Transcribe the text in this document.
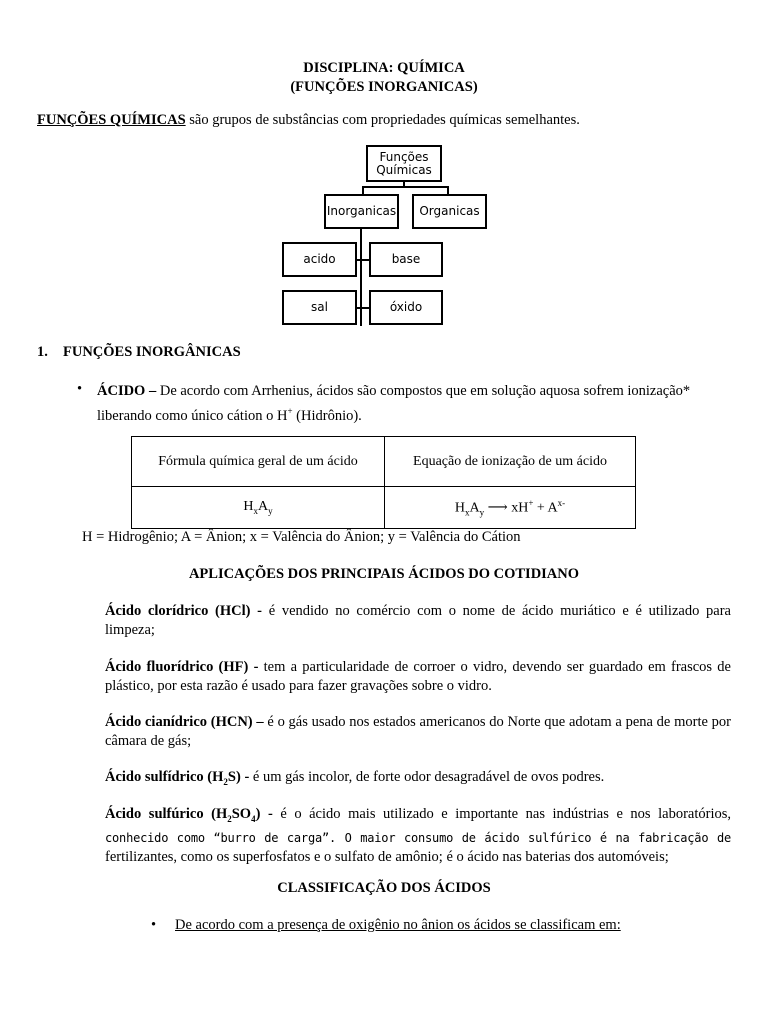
DISCIPLINA: QUÍMICA
(FUNÇÕES INORGANICAS)
FUNÇÕES QUÍMICAS são grupos de substâncias com propriedades químicas semelhantes.
Funções Químicas
Inorganicas	Organicas
acido	base
sal	óxido
1. FUNÇÕES INORGÂNICAS
• ÁCIDO – De acordo com Arrhenius, ácidos são compostos que em solução aquosa sofrem ionização*
liberando como único cátion o H+ (Hidrônio).
Fórmula química geral de um ácido	Equação de ionização de um ácido
$H_xA_y$	$H_xA_y$ ⟶ $xH^+ + A^{x-}$
H = Hidrogênio; A = Ânion; x = Valência do Ânion; y = Valência do Cátion
APLICAÇÕES DOS PRINCIPAIS ÁCIDOS DO COTIDIANO
Ácido clorídrico (HCl) - é vendido no comércio com o nome de ácido muriático e é utilizado para limpeza;
Ácido fluorídrico (HF) - tem a particularidade de corroer o vidro, devendo ser guardado em frascos de plástico, por esta razão é usado para fazer gravações sobre o vidro.
Ácido cianídrico (HCN) – é o gás usado nos estados americanos do Norte que adotam a pena de morte por câmara de gás;
Ácido sulfídrico $(H_2S)$ - é um gás incolor, de forte odor desagradável de ovos podres.
Ácido sulfúrico $(H_2SO_4)$ - é o ácido mais utilizado e importante nas indústrias e nos laboratórios,
conhecido como “burro de carga”. O maior consumo de ácido sulfúrico é na fabricação de
fertilizantes, como os superfosfatos e o sulfato de amônio; é o ácido nas baterias dos automóveis;
CLASSIFICAÇÃO DOS ÁCIDOS
• De acordo com a presença de oxigênio no ânion os ácidos se classificam em:
